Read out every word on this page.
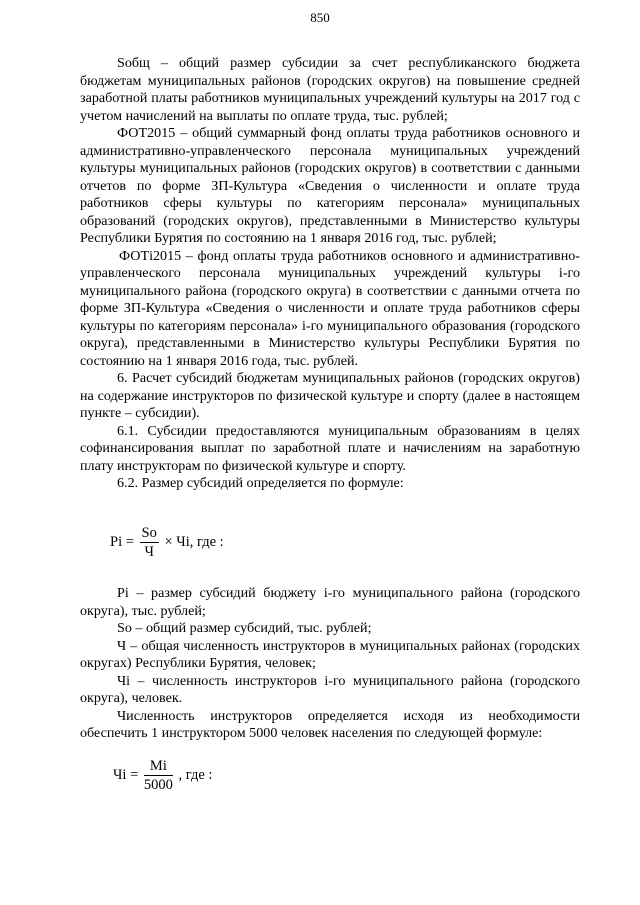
850

Soбщ – общий размер субсидии за счет республиканского бюджета бюджетам муниципальных районов (городских округов) на повышение средней заработной платы работников муниципальных учреждений культуры на 2017 год с учетом начислений на выплаты по оплате труда, тыс. рублей;

ФОТ2015 – общий суммарный фонд оплаты труда работников основного и административно-управленческого персонала муниципальных учреждений культуры муниципальных районов (городских округов) в соответствии с данными отчетов по форме ЗП-Культура «Сведения о численности и оплате труда работников сферы культуры по категориям персонала» муниципальных образований (городских округов), представленными в Министерство культуры Республики Бурятия по состоянию на 1 января 2016 год, тыс. рублей;

ФОТi2015 – фонд оплаты труда работников основного и административно-управленческого персонала муниципальных учреждений культуры i-го муниципального района (городского округа) в соответствии с данными отчета по форме ЗП-Культура «Сведения о численности и оплате труда работников сферы культуры по категориям персонала» i-го муниципального образования (городского округа), представленными в Министерство культуры Республики Бурятия по состоянию на 1 января 2016 года, тыс. рублей.

6. Расчет субсидий бюджетам муниципальных районов (городских округов) на содержание инструкторов по физической культуре и спорту (далее в настоящем пункте – субсидии).

6.1. Субсидии предоставляются муниципальным образованиям в целях софинансирования выплат по заработной плате и начислениям на заработную плату инструкторам по физической культуре и спорту.

6.2. Размер субсидий определяется по формуле:

$Pi = \frac{So}{Ч}$ × Чi, где :

Pi – размер субсидий бюджету i-го муниципального района (городского округа), тыс. рублей;

So – общий размер субсидий, тыс. рублей;

Ч – общая численность инструкторов в муниципальных районах (городских округах) Республики Бурятия, человек;

Чi – численность инструкторов i-го муниципального района (городского округа), человек.

Численность инструкторов определяется исходя из необходимости обеспечить 1 инструктором 5000 человек населения по следующей формуле:

Чi = $\frac{Mi}{5000}$ , где :
